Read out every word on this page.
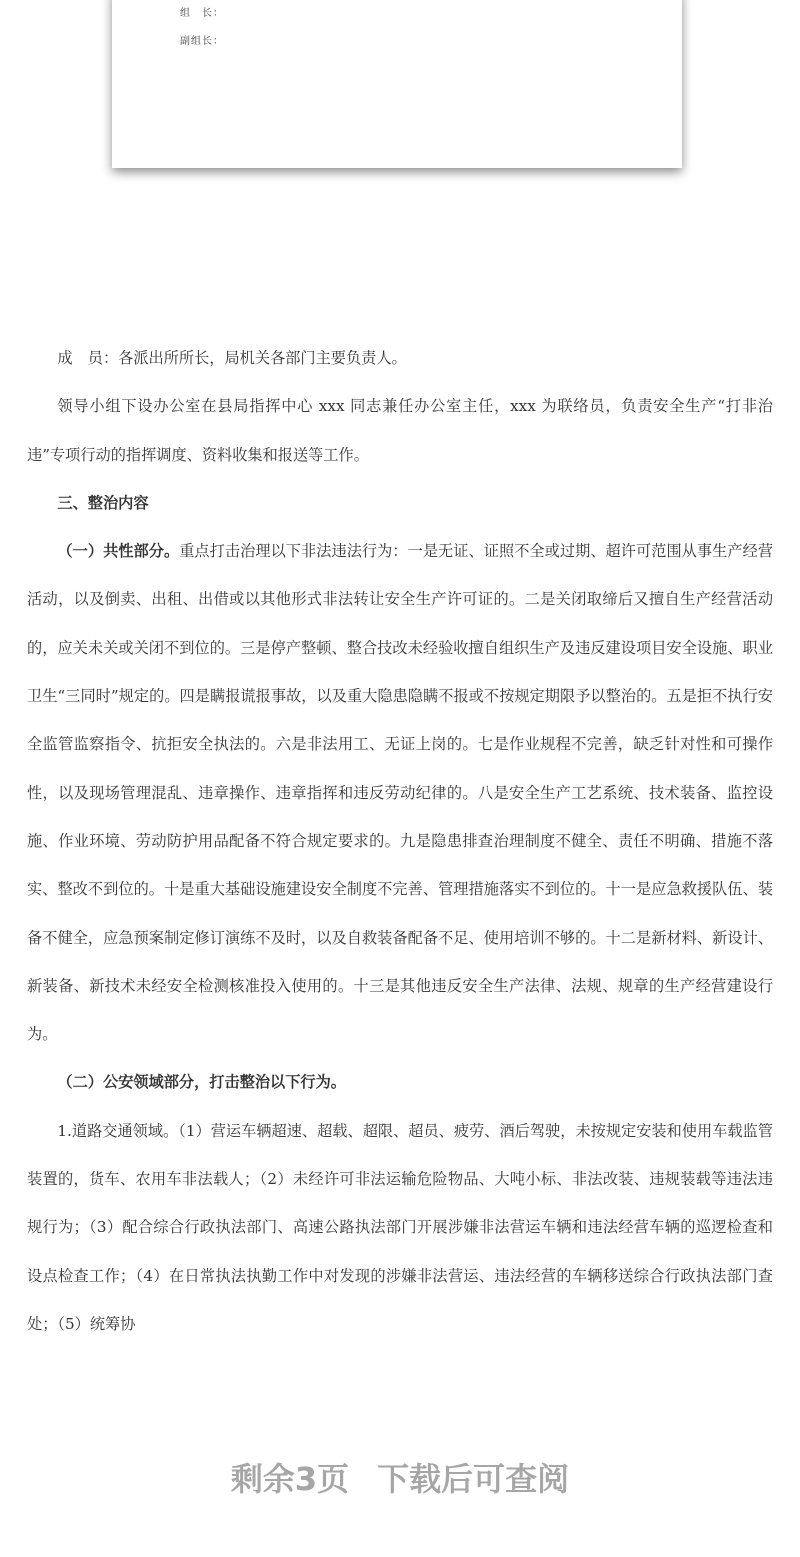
组　长：
副组长：

成　员：各派出所所长，局机关各部门主要负责人。

领导小组下设办公室在县局指挥中心 xxx 同志兼任办公室主任，xxx 为联络员，负责安全生产“打非治违”专项行动的指挥调度、资料收集和报送等工作。

三、整治内容

（一）共性部分。重点打击治理以下非法违法行为：一是无证、证照不全或过期、超许可范围从事生产经营活动，以及倒卖、出租、出借或以其他形式非法转让安全生产许可证的。二是关闭取缔后又擅自生产经营活动的，应关未关或关闭不到位的。三是停产整顿、整合技改未经验收擅自组织生产及违反建设项目安全设施、职业卫生“三同时”规定的。四是瞒报谎报事故，以及重大隐患隐瞒不报或不按规定期限予以整治的。五是拒不执行安全监管监察指令、抗拒安全执法的。六是非法用工、无证上岗的。七是作业规程不完善，缺乏针对性和可操作性，以及现场管理混乱、违章操作、违章指挥和违反劳动纪律的。八是安全生产工艺系统、技术装备、监控设施、作业环境、劳动防护用品配备不符合规定要求的。九是隐患排查治理制度不健全、责任不明确、措施不落实、整改不到位的。十是重大基础设施建设安全制度不完善、管理措施落实不到位的。十一是应急救援队伍、装备不健全，应急预案制定修订演练不及时，以及自救装备配备不足、使用培训不够的。十二是新材料、新设计、新装备、新技术未经安全检测核准投入使用的。十三是其他违反安全生产法律、法规、规章的生产经营建设行为。

（二）公安领域部分，打击整治以下行为。

1.道路交通领域。（1）营运车辆超速、超载、超限、超员、疲劳、酒后驾驶，未按规定安装和使用车载监管装置的，货车、农用车非法载人；（2）未经许可非法运输危险物品、大吨小标、非法改装、违规装载等违法违规行为；（3）配合综合行政执法部门、高速公路执法部门开展涉嫌非法营运车辆和违法经营车辆的巡逻检查和设点检查工作；（4）在日常执法执勤工作中对发现的涉嫌非法营运、违法经营的车辆移送综合行政执法部门查处；（5）统筹协

剩余3页 下载后可查阅
